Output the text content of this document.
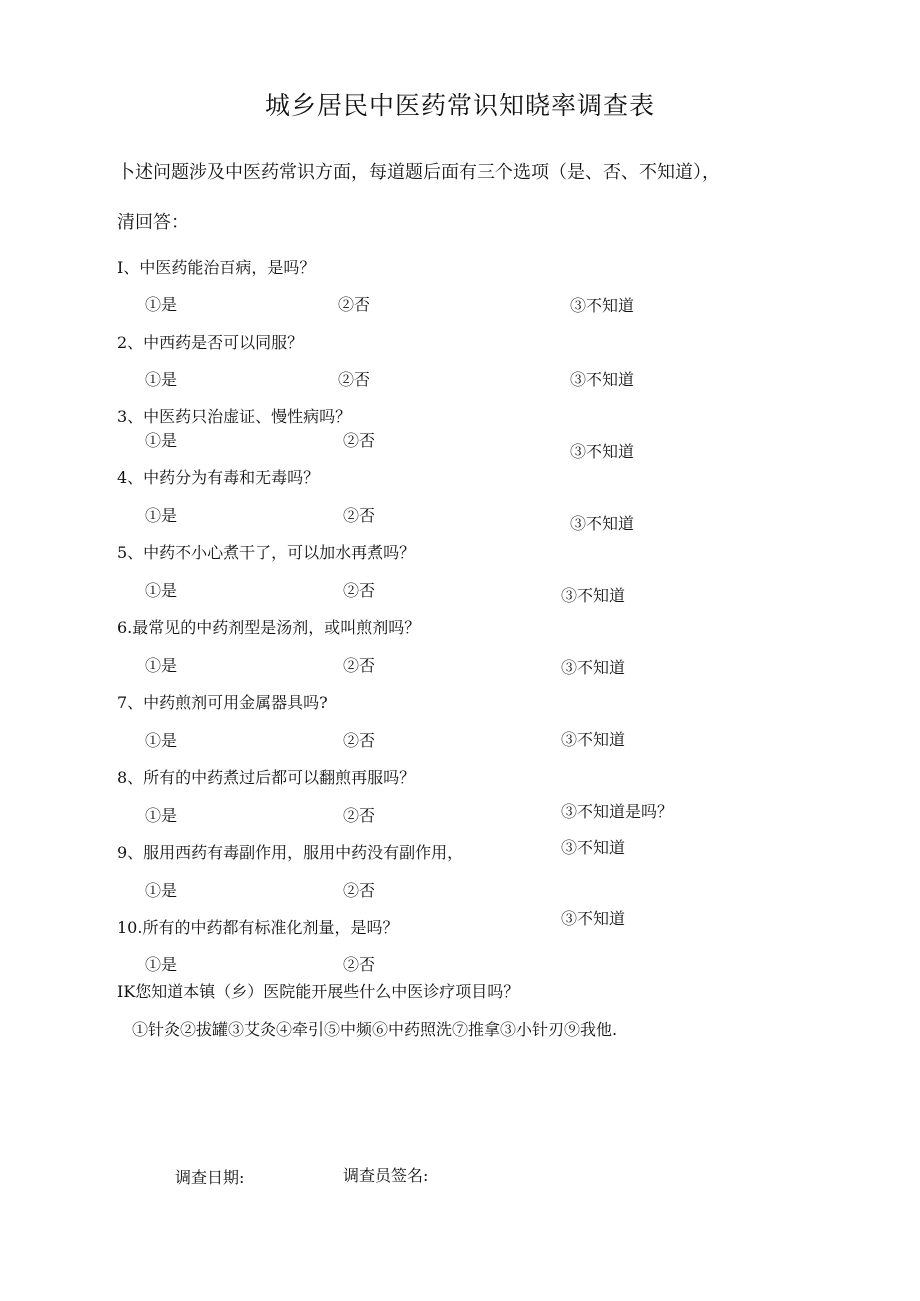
城乡居民中医药常识知晓率调查表
卜述问题涉及中医药常识方面，每道题后面有三个选项（是、否、不知道），
清回答：
I、中医药能治百病，是吗？
①是	②否	③不知道
2、中西药是否可以同服？
①是	②否	③不知道
3、中医药只治虚证、慢性病吗？
①是	②否
③不知道
4、中药分为有毒和无毒吗？
①是	②否	③不知道
5、中药不小心煮干了，可以加水再煮吗？
①是	②否	③不知道
6.最常见的中药剂型是汤剂，或叫煎剂吗？
①是	②否	③不知道
7、中药煎剂可用金属器具吗?
①是	②否	③不知道
8、所有的中药煮过后都可以翻煎再服吗？
①是	②否	③不知道是吗？
9、服用西药有毒副作用，服用中药没有副作用，	③不知道
①是	②否
③不知道
10.所有的中药都有标准化剂量，是吗？
①是	②否
IK您知道本镇（乡）医院能开展些什么中医诊疗项目吗？
①针灸②拔罐③艾灸④牵引⑤中频⑥中药照洗⑦推拿③小针刃⑨我他.
调查日期:	调查员签名:
